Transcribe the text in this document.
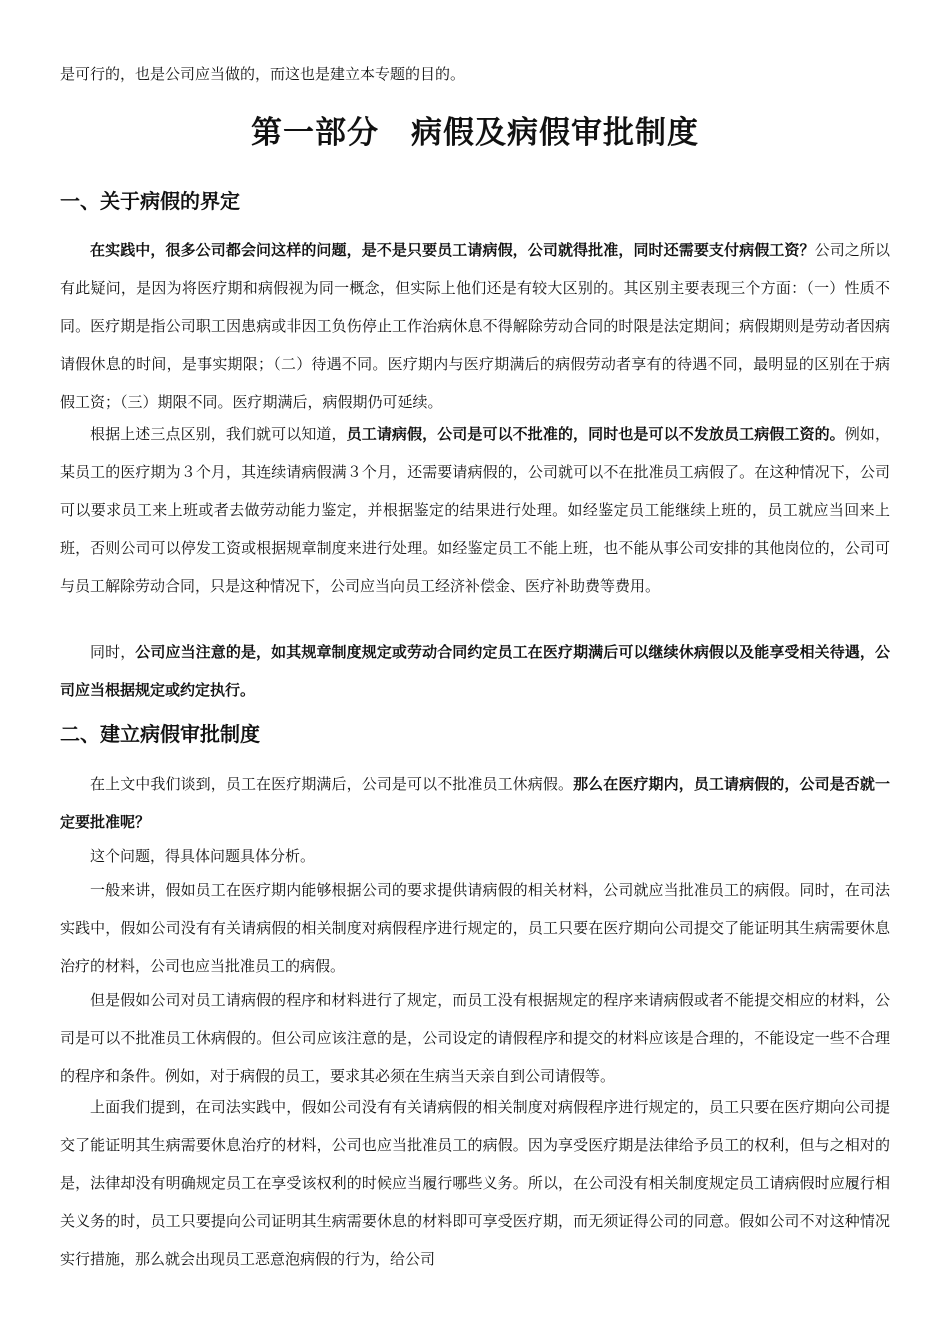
是可行的，也是公司应当做的，而这也是建立本专题的目的。
第一部分　病假及病假审批制度
一、关于病假的界定
在实践中，很多公司都会问这样的问题，是不是只要员工请病假，公司就得批准，同时还需要支付病假工资？公司之所以有此疑问，是因为将医疗期和病假视为同一概念，但实际上他们还是有较大区别的。其区别主要表现三个方面：（一）性质不同。医疗期是指公司职工因患病或非因工负伤停止工作治病休息不得解除劳动合同的时限是法定期间；病假期则是劳动者因病请假休息的时间，是事实期限；（二）待遇不同。医疗期内与医疗期满后的病假劳动者享有的待遇不同，最明显的区别在于病假工资；（三）期限不同。医疗期满后，病假期仍可延续。
根据上述三点区别，我们就可以知道，员工请病假，公司是可以不批准的，同时也是可以不发放员工病假工资的。例如，某员工的医疗期为３个月，其连续请病假满３个月，还需要请病假的，公司就可以不在批准员工病假了。在这种情况下，公司可以要求员工来上班或者去做劳动能力鉴定，并根据鉴定的结果进行处理。如经鉴定员工能继续上班的，员工就应当回来上班，否则公司可以停发工资或根据规章制度来进行处理。如经鉴定员工不能上班，也不能从事公司安排的其他岗位的，公司可与员工解除劳动合同，只是这种情况下，公司应当向员工经济补偿金、医疗补助费等费用。
同时，公司应当注意的是，如其规章制度规定或劳动合同约定员工在医疗期满后可以继续休病假以及能享受相关待遇，公司应当根据规定或约定执行。
二、建立病假审批制度
在上文中我们谈到，员工在医疗期满后，公司是可以不批准员工休病假。那么在医疗期内，员工请病假的，公司是否就一定要批准呢？
这个问题，得具体问题具体分析。
一般来讲，假如员工在医疗期内能够根据公司的要求提供请病假的相关材料，公司就应当批准员工的病假。同时，在司法实践中，假如公司没有有关请病假的相关制度对病假程序进行规定的，员工只要在医疗期向公司提交了能证明其生病需要休息治疗的材料，公司也应当批准员工的病假。
但是假如公司对员工请病假的程序和材料进行了规定，而员工没有根据规定的程序来请病假或者不能提交相应的材料，公司是可以不批准员工休病假的。但公司应该注意的是，公司设定的请假程序和提交的材料应该是合理的，不能设定一些不合理的程序和条件。例如，对于病假的员工，要求其必须在生病当天亲自到公司请假等。
上面我们提到，在司法实践中，假如公司没有有关请病假的相关制度对病假程序进行规定的，员工只要在医疗期向公司提交了能证明其生病需要休息治疗的材料，公司也应当批准员工的病假。因为享受医疗期是法律给予员工的权利，但与之相对的是，法律却没有明确规定员工在享受该权利的时候应当履行哪些义务。所以，在公司没有相关制度规定员工请病假时应履行相关义务的时，员工只要提向公司证明其生病需要休息的材料即可享受医疗期，而无须证得公司的同意。假如公司不对这种情况实行措施，那么就会出现员工恶意泡病假的行为，给公司
